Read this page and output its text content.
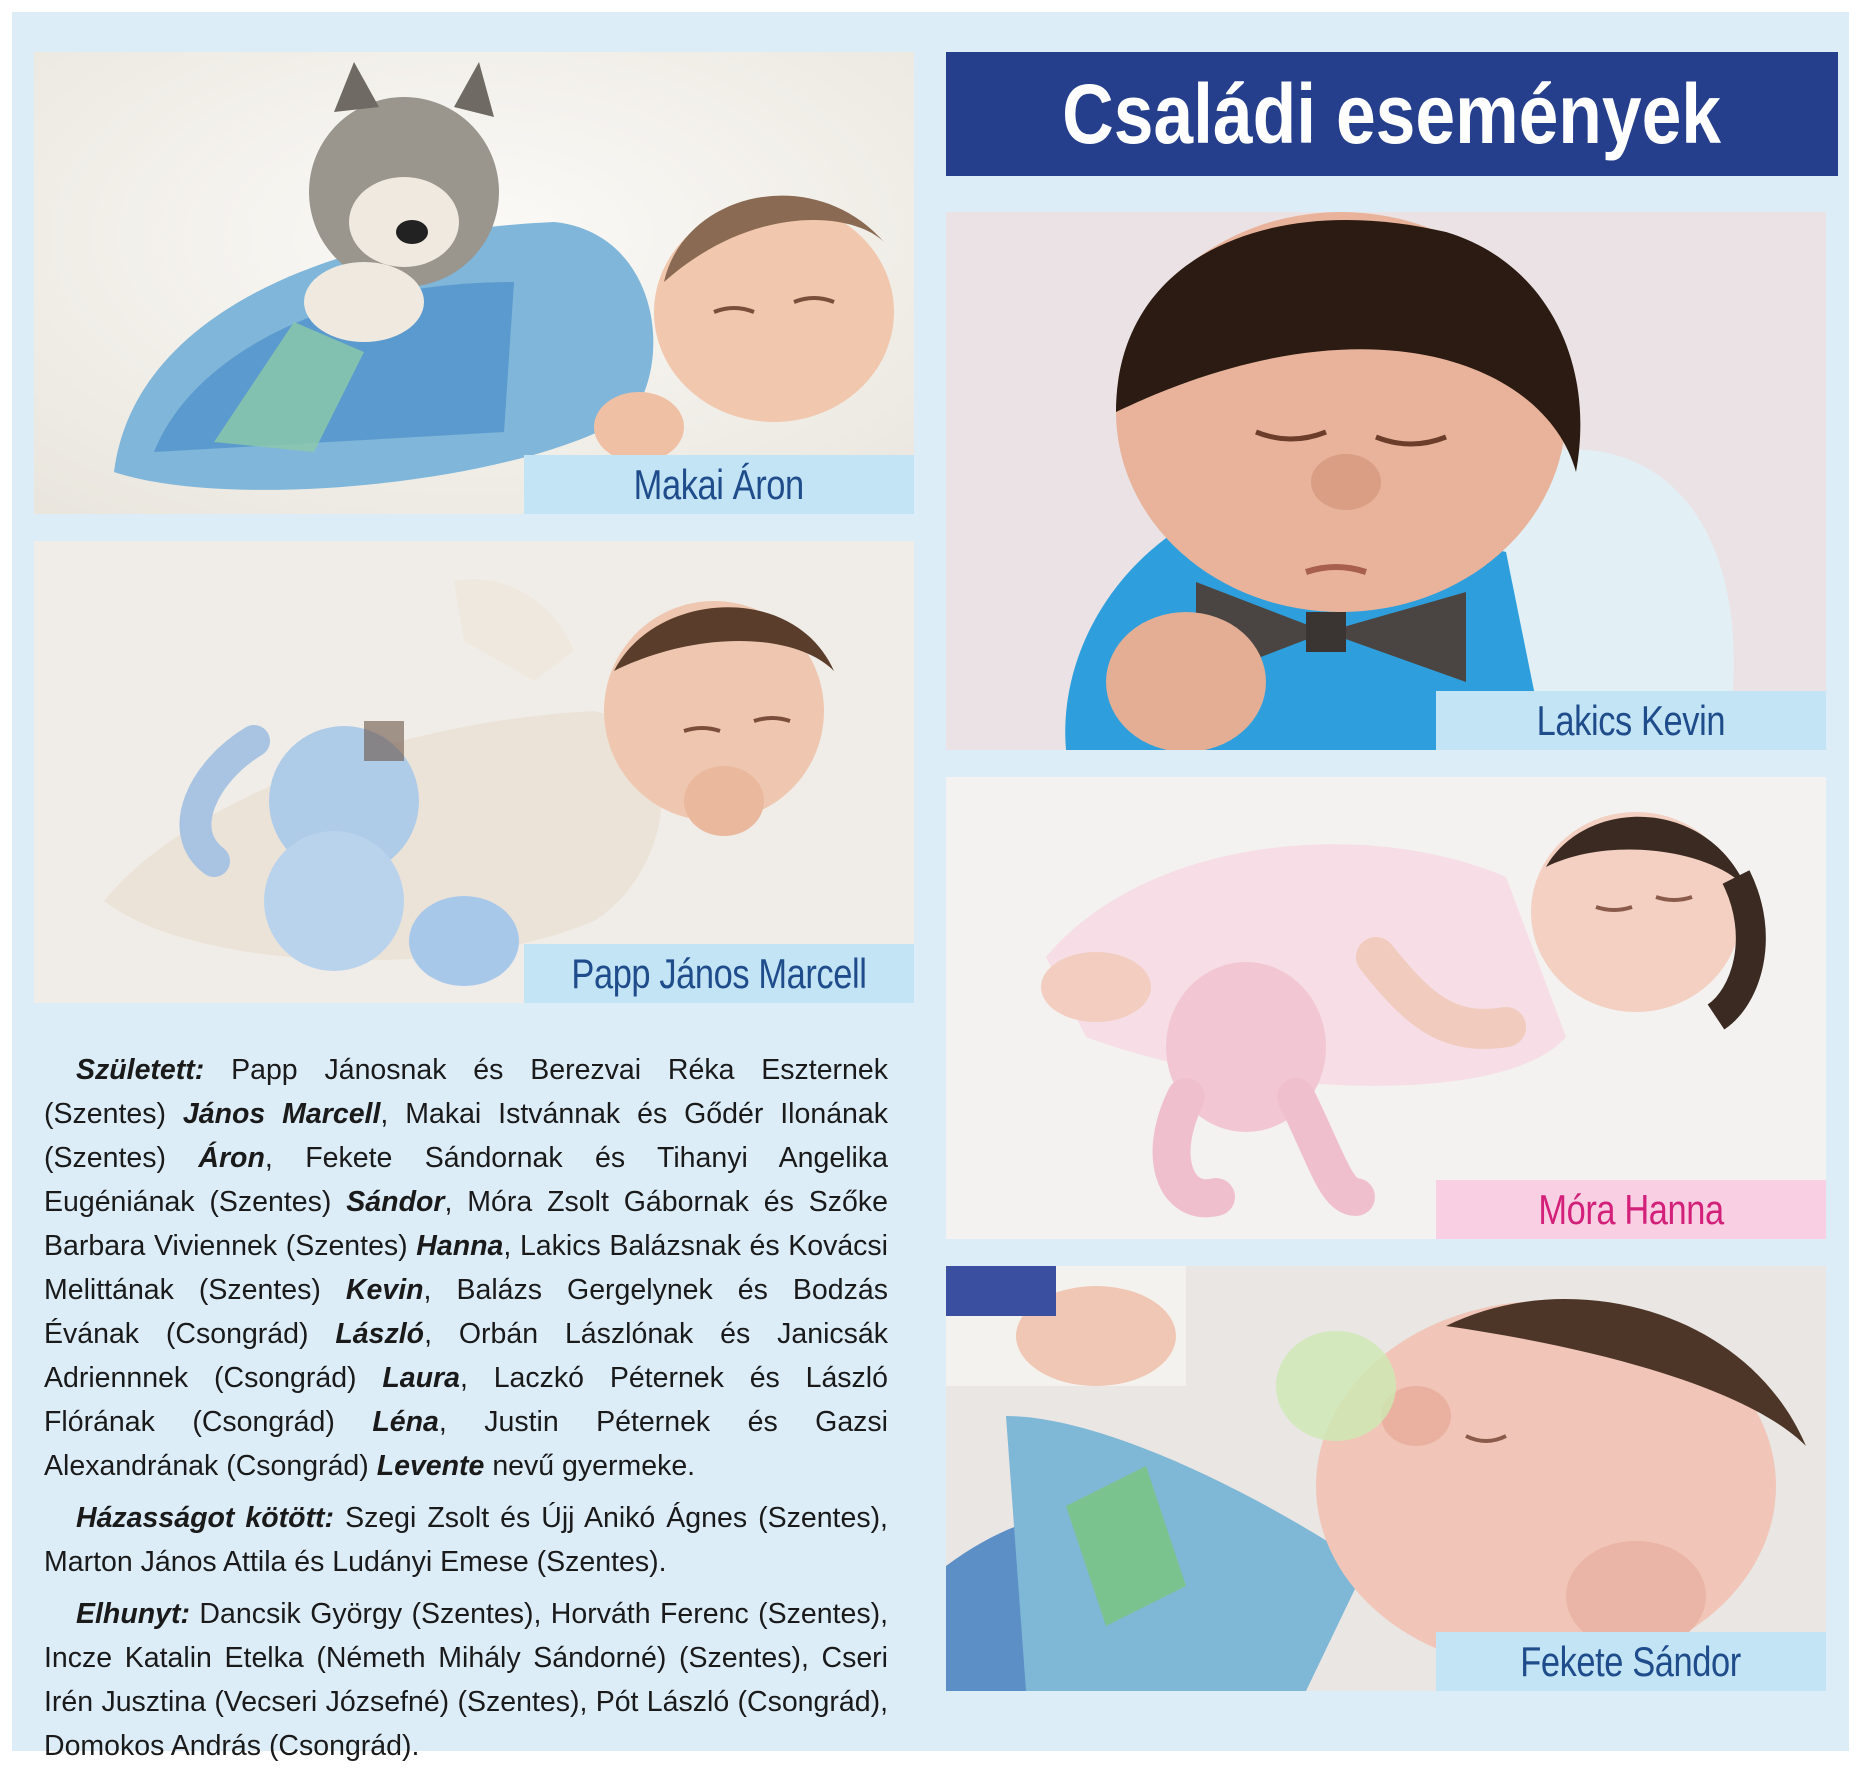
Makai Áron
Papp János Marcell
Családi események
Lakics Kevin
Móra Hanna
Fekete Sándor

Született: Papp Jánosnak és Berezvai Réka Eszternek (Szentes) János Marcell, Makai Istvánnak és Gődér Ilonának (Szentes) Áron, Fekete Sándornak és Tihanyi Angelika Eugéniának (Szentes) Sándor, Móra Zsolt Gábornak és Szőke Barbara Viviennek (Szentes) Hanna, Lakics Balázsnak és Kovácsi Melittának (Szentes) Kevin, Balázs Gergelynek és Bodzás Évának (Csongrád) László, Orbán Lászlónak és Janicsák Adriennnek (Csongrád) Laura, Laczkó Péternek és László Flórának (Csongrád) Léna, Justin Péternek és Gazsi Alexandrának (Csongrád) Levente nevű gyermeke.

Házasságot kötött: Szegi Zsolt és Újj Anikó Ágnes (Szentes), Marton János Attila és Ludányi Emese (Szentes).

Elhunyt: Dancsik György (Szentes), Horváth Ferenc (Szentes), Incze Katalin Etelka (Németh Mihály Sándorné) (Szentes), Cseri Irén Jusztina (Vecseri Józsefné) (Szentes), Pót László (Csongrád), Domokos András (Csongrád).
